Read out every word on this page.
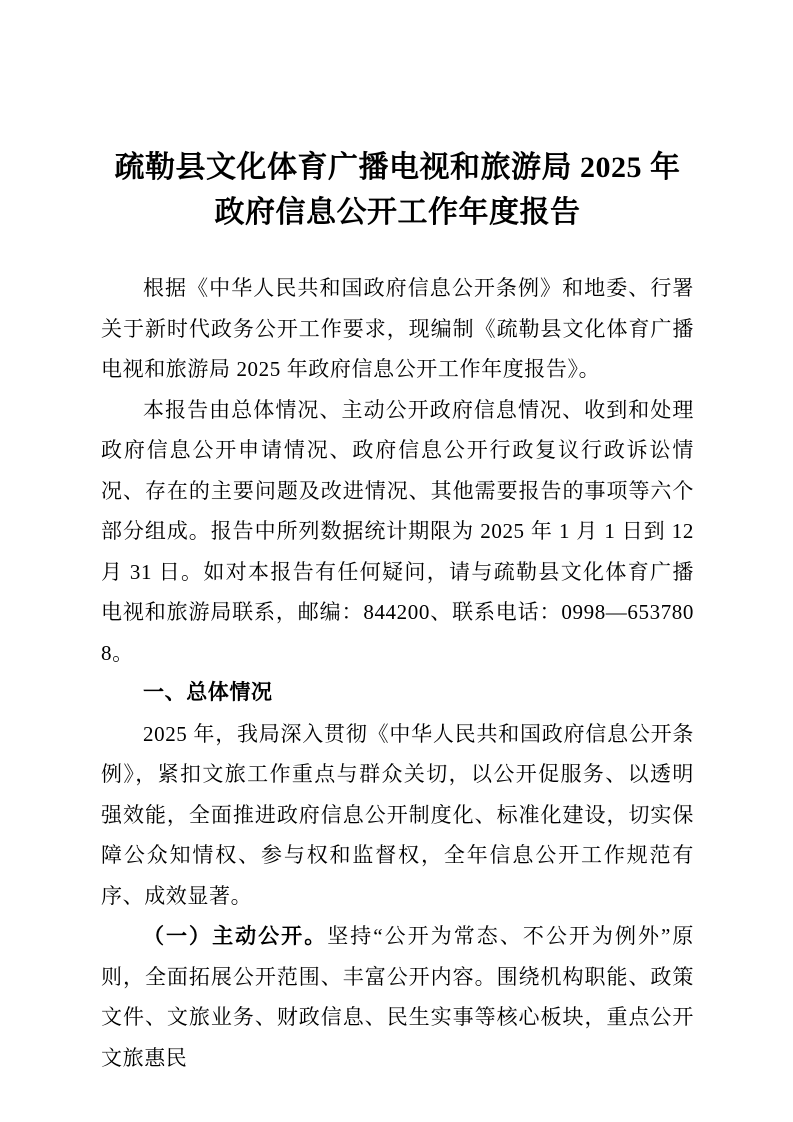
疏勒县文化体育广播电视和旅游局 2025 年
政府信息公开工作年度报告

根据《中华人民共和国政府信息公开条例》和地委、行署关于新时代政务公开工作要求，现编制《疏勒县文化体育广播电视和旅游局 2025 年政府信息公开工作年度报告》。

本报告由总体情况、主动公开政府信息情况、收到和处理政府信息公开申请情况、政府信息公开行政复议行政诉讼情况、存在的主要问题及改进情况、其他需要报告的事项等六个部分组成。报告中所列数据统计期限为 2025 年 1 月 1 日到 12 月 31 日。如对本报告有任何疑问，请与疏勒县文化体育广播电视和旅游局联系，邮编：844200、联系电话：0998—6537808。

一、总体情况

2025 年，我局深入贯彻《中华人民共和国政府信息公开条例》，紧扣文旅工作重点与群众关切，以公开促服务、以透明强效能，全面推进政府信息公开制度化、标准化建设，切实保障公众知情权、参与权和监督权，全年信息公开工作规范有序、成效显著。

（一）主动公开。坚持“公开为常态、不公开为例外”原则，全面拓展公开范围、丰富公开内容。围绕机构职能、政策文件、文旅业务、财政信息、民生实事等核心板块，重点公开文旅惠民
